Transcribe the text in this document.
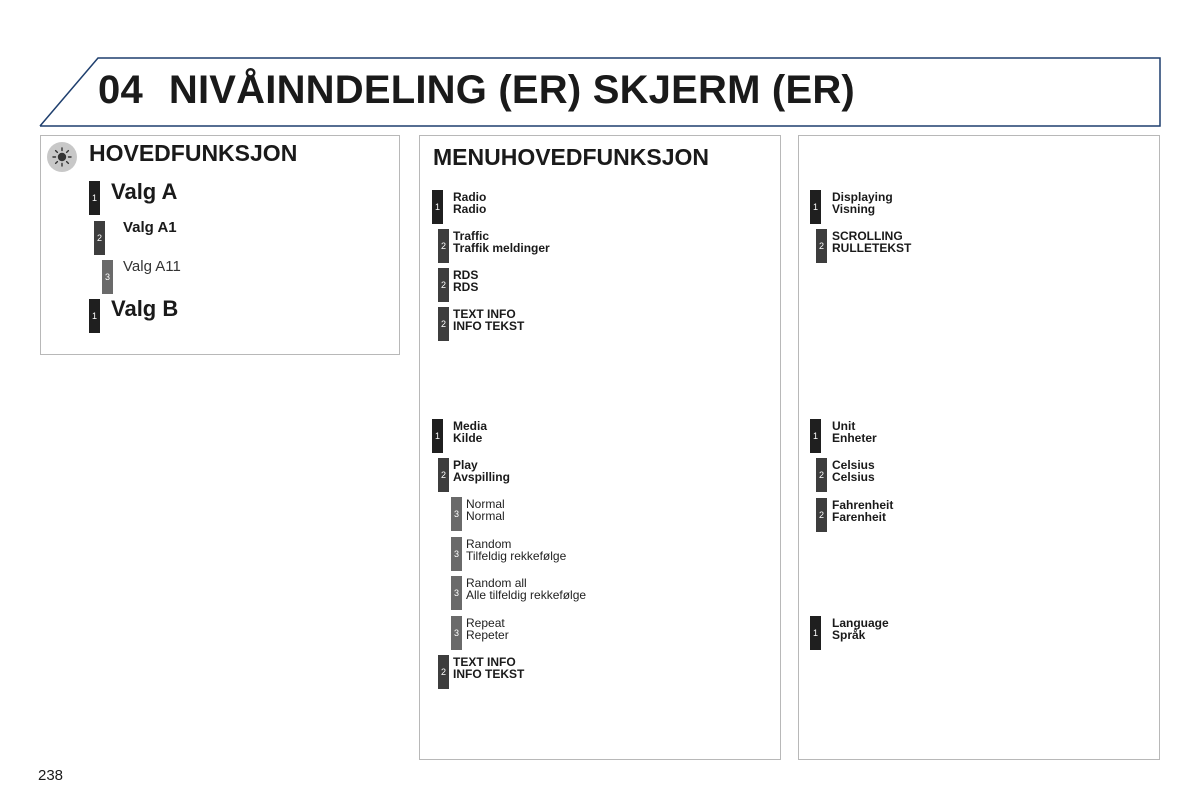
04 NIVÅINNDELING (ER) SKJERM (ER)
HOVEDFUNKSJON
1 Valg A
2
Valg A1
3
Valg A11
1 Valg B
MENUHOVEDFUNKSJON
1
Radio
Radio
2
Traffic
Traffik meldinger
2
RDS
RDS
2
TEXT INFO
INFO TEKST
1
Media
Kilde
2
Play
Avspilling
3
Normal
Normal
3
Random
Tilfeldig rekkefølge
3
Random all
Alle tilfeldig rekkefølge
3
Repeat
Repeter
2
TEXT INFO
INFO TEKST
1
Displaying
Visning
2
SCROLLING
RULLETEKST
1
Unit
Enheter
2
Celsius
Celsius
2
Fahrenheit
Farenheit
1
Language
Språk
238
